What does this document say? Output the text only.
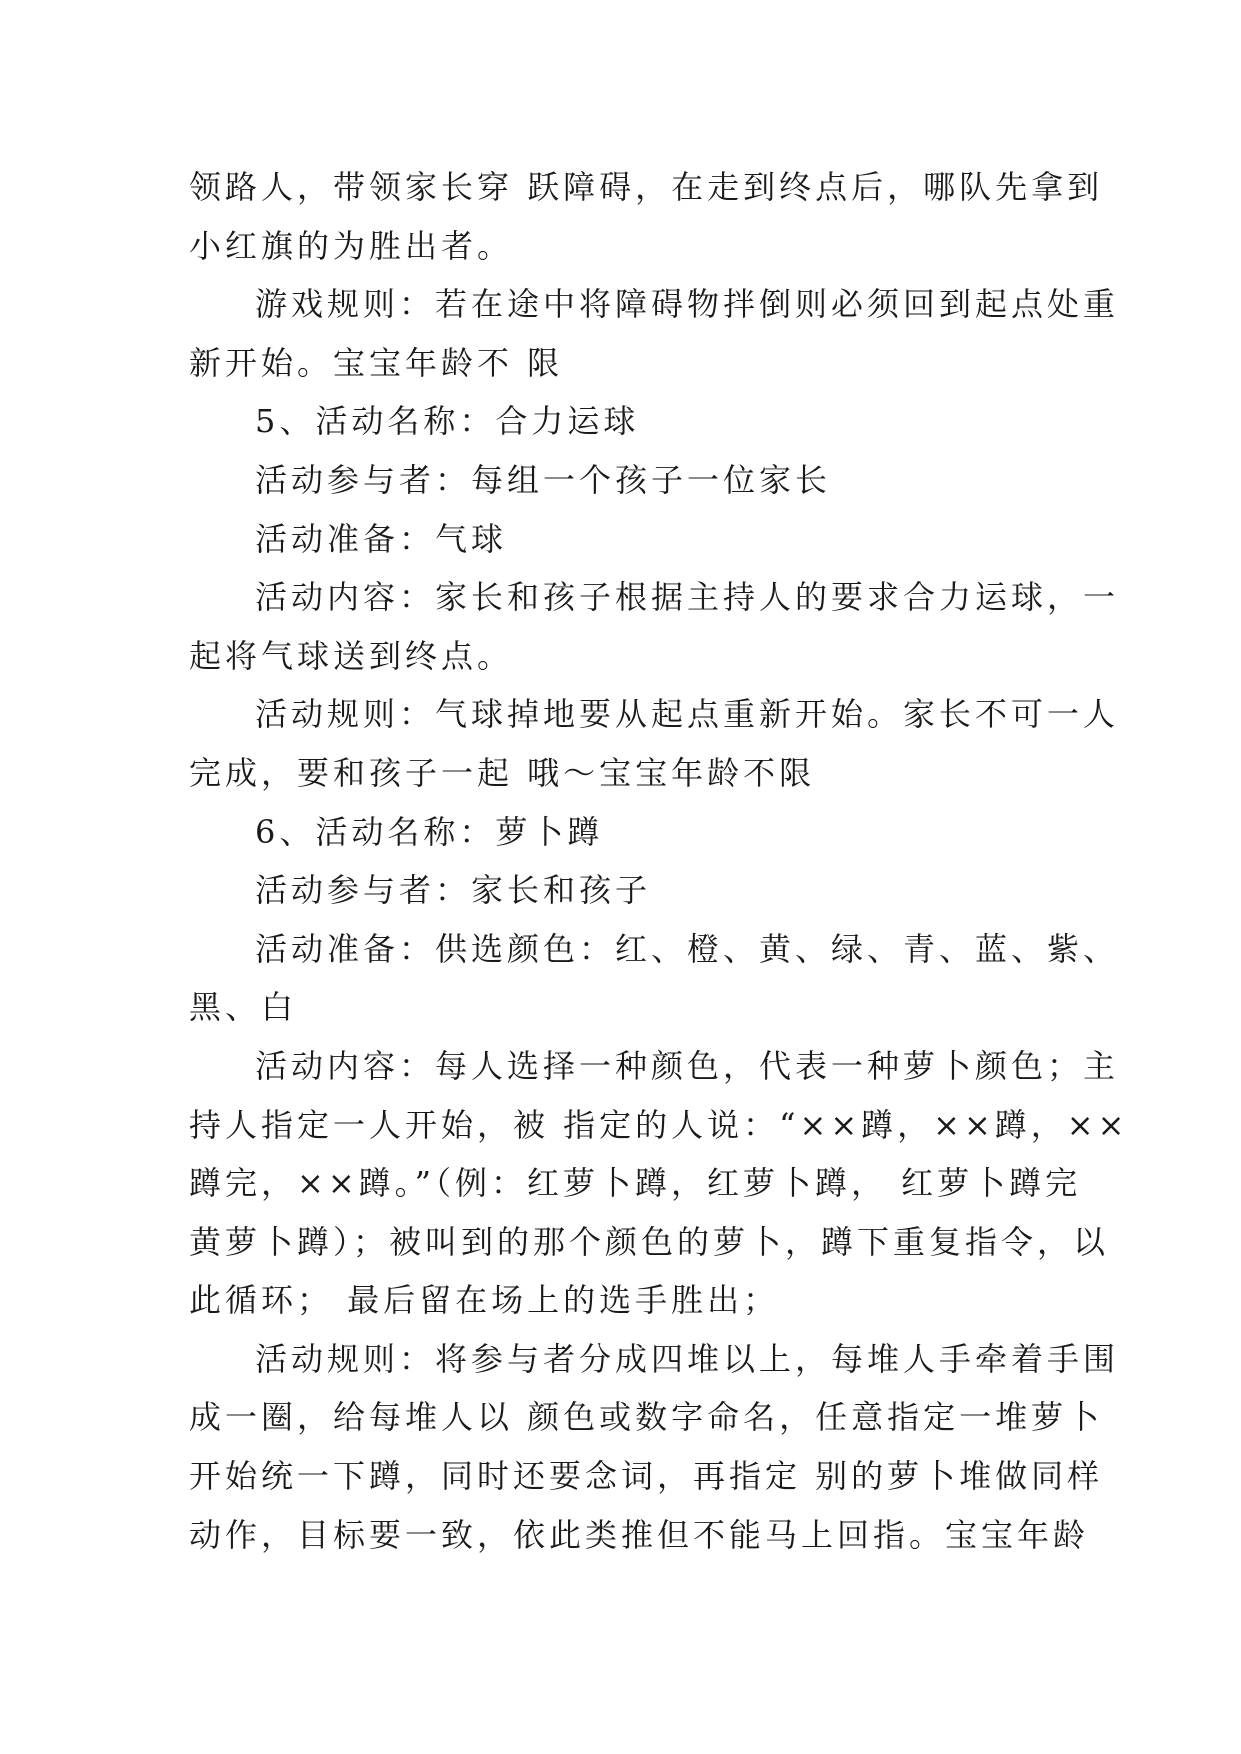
领路人，带领家长穿 跃障碍，在走到终点后，哪队先拿到
小红旗的为胜出者。
游戏规则：若在途中将障碍物拌倒则必须回到起点处重
新开始。宝宝年龄不 限
5、活动名称：合力运球
活动参与者：每组一个孩子一位家长
活动准备：气球
活动内容：家长和孩子根据主持人的要求合力运球，一
起将气球送到终点。
活动规则：气球掉地要从起点重新开始。家长不可一人
完成，要和孩子一起 哦～宝宝年龄不限
6、活动名称：萝卜蹲
活动参与者：家长和孩子
活动准备：供选颜色：红、橙、黄、绿、青、蓝、紫、
黑、白
活动内容：每人选择一种颜色，代表一种萝卜颜色；主
持人指定一人开始，被 指定的人说：“××蹲，××蹲，××
蹲完，××蹲。”（例：红萝卜蹲，红萝卜蹲， 红萝卜蹲完
黄萝卜蹲）；被叫到的那个颜色的萝卜，蹲下重复指令，以
此循环； 最后留在场上的选手胜出；
活动规则：将参与者分成四堆以上，每堆人手牵着手围
成一圈，给每堆人以 颜色或数字命名，任意指定一堆萝卜
开始统一下蹲，同时还要念词，再指定 别的萝卜堆做同样
动作，目标要一致，依此类推但不能马上回指。宝宝年龄
